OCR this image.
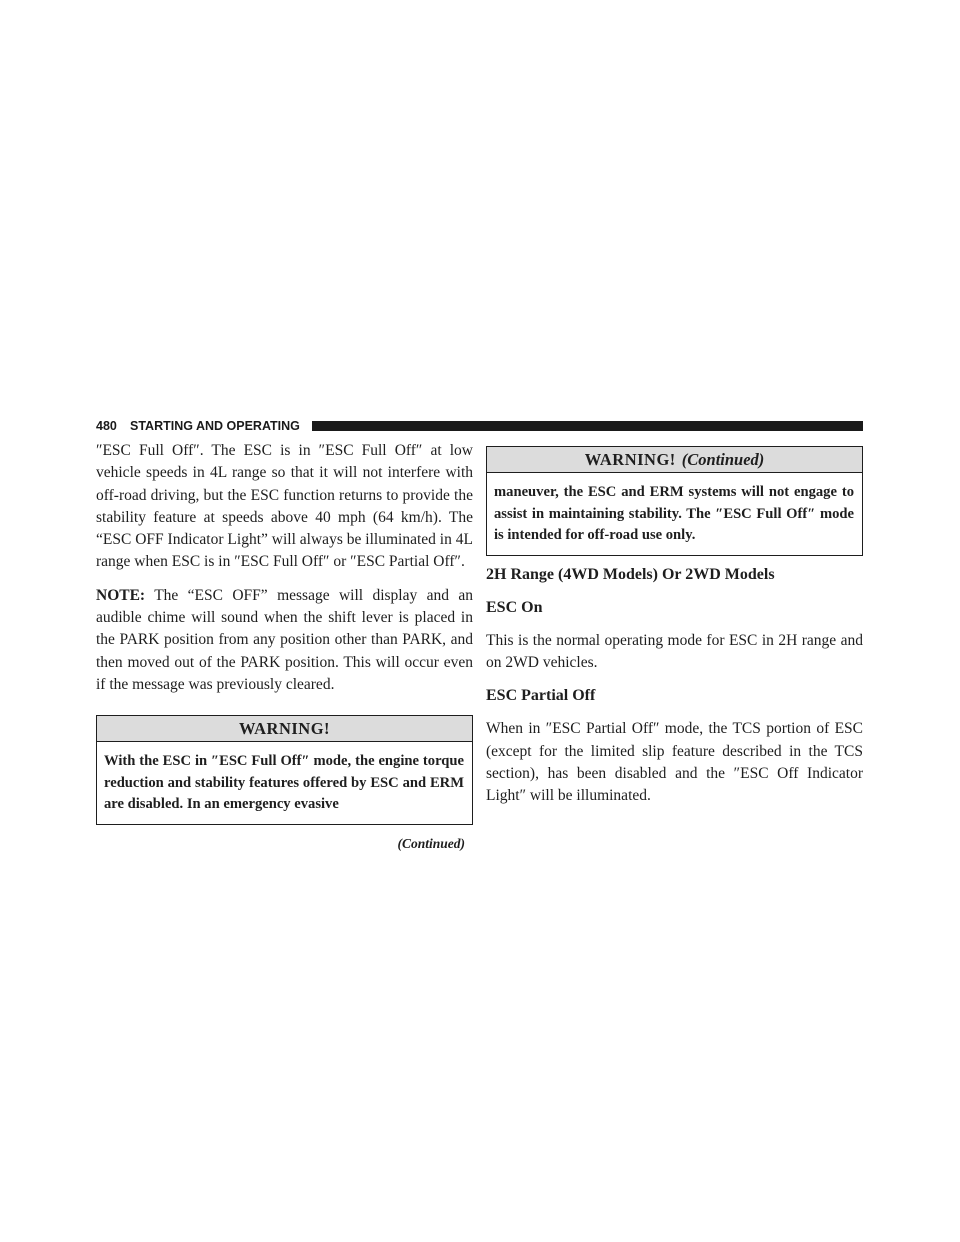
480 STARTING AND OPERATING

″ESC Full Off″. The ESC is in ″ESC Full Off″ at low vehicle speeds in 4L range so that it will not interfere with off-road driving, but the ESC function returns to provide the stability feature at speeds above 40 mph (64 km/h). The “ESC OFF Indicator Light” will always be illuminated in 4L range when ESC is in ″ESC Full Off″ or ″ESC Partial Off″.

NOTE: The “ESC OFF” message will display and an audible chime will sound when the shift lever is placed in the PARK position from any position other than PARK, and then moved out of the PARK position. This will occur even if the message was previously cleared.

WARNING!
With the ESC in ″ESC Full Off″ mode, the engine torque reduction and stability features offered by ESC and ERM are disabled. In an emergency evasive
(Continued)
WARNING! (Continued)
maneuver, the ESC and ERM systems will not engage to assist in maintaining stability. The ″ESC Full Off″ mode is intended for off-road use only.
2H Range (4WD Models) Or 2WD Models
ESC On

This is the normal operating mode for ESC in 2H range and on 2WD vehicles.

ESC Partial Off

When in ″ESC Partial Off″ mode, the TCS portion of ESC (except for the limited slip feature described in the TCS section), has been disabled and the ″ESC Off Indicator Light″ will be illuminated.
